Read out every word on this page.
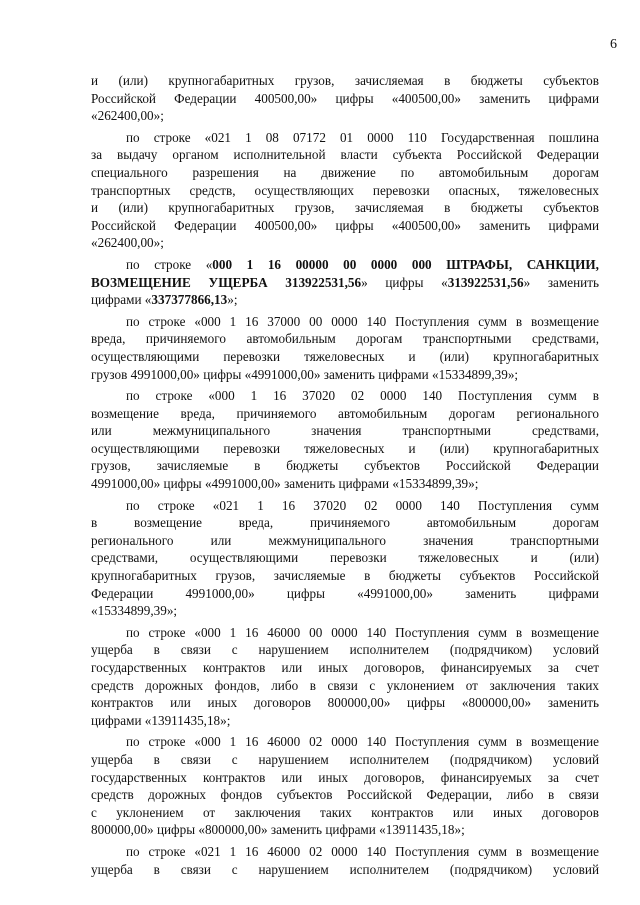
6
и (или) крупногабаритных грузов, зачисляемая в бюджеты субъектов
Российской Федерации 400500,00» цифры «400500,00» заменить цифрами
«262400,00»;
по строке «021 1 08 07172 01 0000 110 Государственная пошлина
за выдачу органом исполнительной власти субъекта Российской Федерации
специального разрешения на движение по автомобильным дорогам
транспортных средств, осуществляющих перевозки опасных, тяжеловесных
и (или) крупногабаритных грузов, зачисляемая в бюджеты субъектов
Российской Федерации 400500,00» цифры «400500,00» заменить цифрами
«262400,00»;
по строке «000 1 16 00000 00 0000 000 ШТРАФЫ, САНКЦИИ,
ВОЗМЕЩЕНИЕ УЩЕРБА 313922531,56» цифры «313922531,56» заменить
цифрами «337377866,13»;
по строке «000 1 16 37000 00 0000 140 Поступления сумм в возмещение
вреда, причиняемого автомобильным дорогам транспортными средствами,
осуществляющими перевозки тяжеловесных и (или) крупногабаритных
грузов 4991000,00» цифры «4991000,00» заменить цифрами «15334899,39»;
по строке «000 1 16 37020 02 0000 140 Поступления сумм в
возмещение вреда, причиняемого автомобильным дорогам регионального
или межмуниципального значения транспортными средствами,
осуществляющими перевозки тяжеловесных и (или) крупногабаритных
грузов, зачисляемые в бюджеты субъектов Российской Федерации
4991000,00» цифры «4991000,00» заменить цифрами «15334899,39»;
по строке «021 1 16 37020 02 0000 140 Поступления сумм
в возмещение вреда, причиняемого автомобильным дорогам
регионального или межмуниципального значения транспортными
средствами, осуществляющими перевозки тяжеловесных и (или)
крупногабаритных грузов, зачисляемые в бюджеты субъектов Российской
Федерации 4991000,00» цифры «4991000,00» заменить цифрами
«15334899,39»;
по строке «000 1 16 46000 00 0000 140 Поступления сумм в возмещение
ущерба в связи с нарушением исполнителем (подрядчиком) условий
государственных контрактов или иных договоров, финансируемых за счет
средств дорожных фондов, либо в связи с уклонением от заключения таких
контрактов или иных договоров 800000,00» цифры «800000,00» заменить
цифрами «13911435,18»;
по строке «000 1 16 46000 02 0000 140 Поступления сумм в возмещение
ущерба в связи с нарушением исполнителем (подрядчиком) условий
государственных контрактов или иных договоров, финансируемых за счет
средств дорожных фондов субъектов Российской Федерации, либо в связи
с уклонением от заключения таких контрактов или иных договоров
800000,00» цифры «800000,00» заменить цифрами «13911435,18»;
по строке «021 1 16 46000 02 0000 140 Поступления сумм в возмещение
ущерба в связи с нарушением исполнителем (подрядчиком) условий
